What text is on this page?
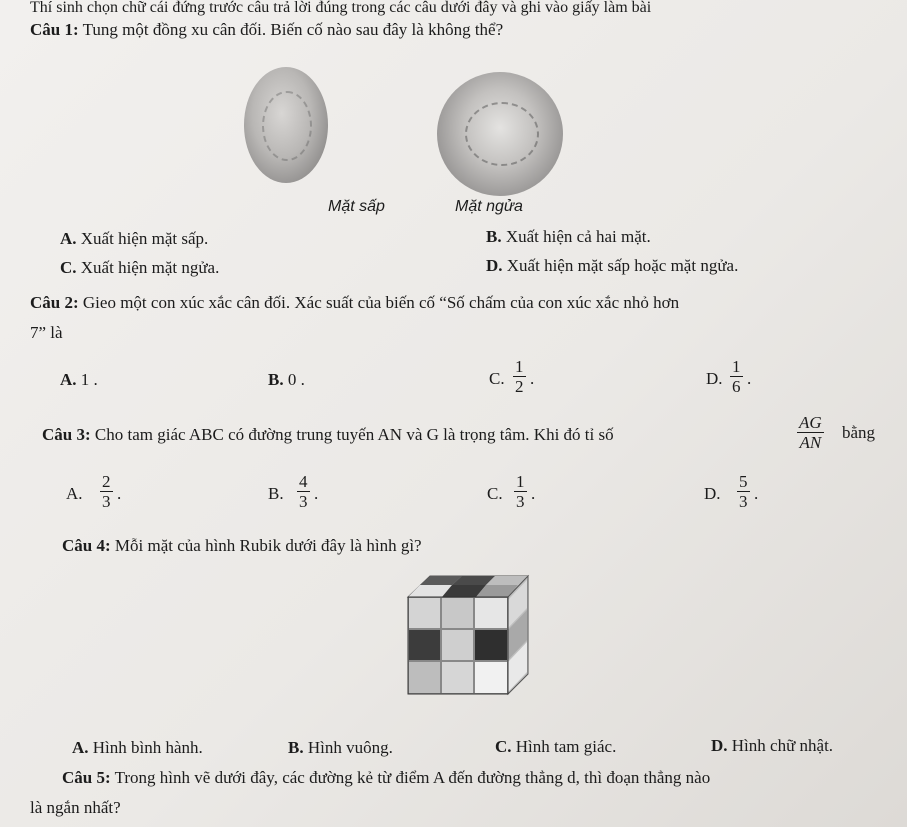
Thí sinh chọn chữ cái đứng trước câu trả lời đúng trong các câu dưới đây và ghi vào giấy làm bài
Câu 1: Tung một đồng xu cân đối. Biến cố nào sau đây là không thể?
Mặt sấp	Mặt ngửa
A. Xuất hiện mặt sấp.	B. Xuất hiện cả hai mặt.
C. Xuất hiện mặt ngửa.	D. Xuất hiện mặt sấp hoặc mặt ngửa.
Câu 2: Gieo một con xúc xắc cân đối. Xác suất của biến cố “Số chấm của con xúc xắc nhỏ hơn
7” là
A. 1 .	B. 0 .	C.
1
2 .	D.
1
6 .
Câu 3: Cho tam giác ABC có đường trung tuyến AN và G là trọng tâm. Khi đó tỉ số
AG
AN
bằng
A.
2
3 .	B.
4
3 .	C.
1
3 .	D.
5
3 .
Câu 4: Mỗi mặt của hình Rubik dưới đây là hình gì?
A. Hình bình hành.	B. Hình vuông.	C. Hình tam giác.	D. Hình chữ nhật.
Câu 5: Trong hình vẽ dưới đây, các đường kẻ từ điểm A đến đường thẳng d, thì đoạn thẳng nào
là ngắn nhất?
